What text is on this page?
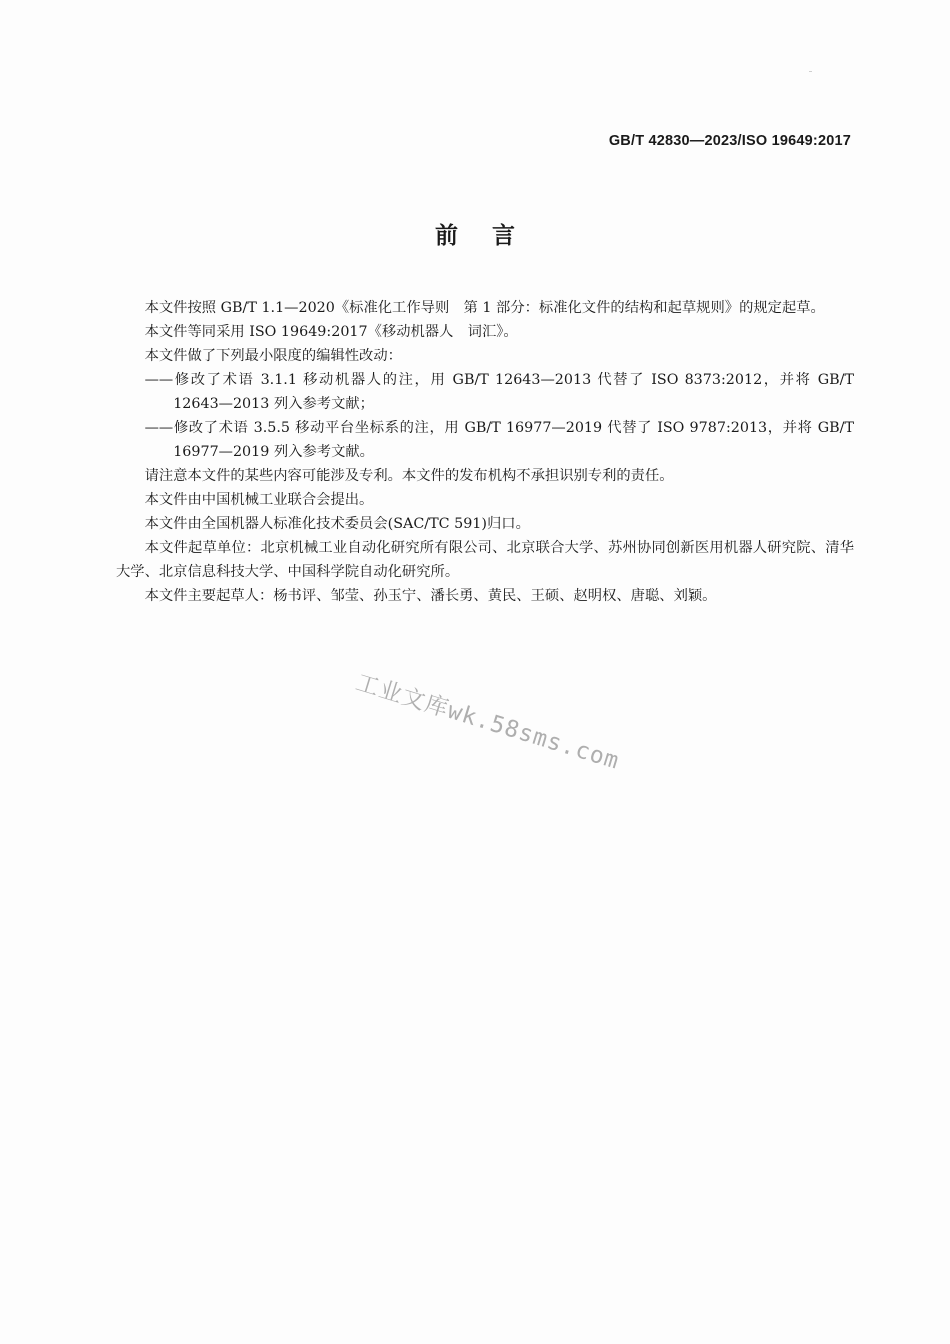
GB/T 42830—2023/ISO 19649:2017
前言

本文件按照 GB/T 1.1—2020《标准化工作导则　第 1 部分：标准化文件的结构和起草规则》的规定起草。

本文件等同采用 ISO 19649:2017《移动机器人　词汇》。

本文件做了下列最小限度的编辑性改动：

——修改了术语 3.1.1 移动机器人的注，用 GB/T 12643—2013 代替了 ISO 8373:2012，并将 GB/T 12643—2013 列入参考文献；

——修改了术语 3.5.5 移动平台坐标系的注，用 GB/T 16977—2019 代替了 ISO 9787:2013，并将 GB/T 16977—2019 列入参考文献。

请注意本文件的某些内容可能涉及专利。本文件的发布机构不承担识别专利的责任。

本文件由中国机械工业联合会提出。

本文件由全国机器人标准化技术委员会(SAC/TC 591)归口。

本文件起草单位：北京机械工业自动化研究所有限公司、北京联合大学、苏州协同创新医用机器人研究院、清华大学、北京信息科技大学、中国科学院自动化研究所。

本文件主要起草人：杨书评、邹莹、孙玉宁、潘长勇、黄民、王硕、赵明权、唐聪、刘颖。

工业文库wk.58sms.com
